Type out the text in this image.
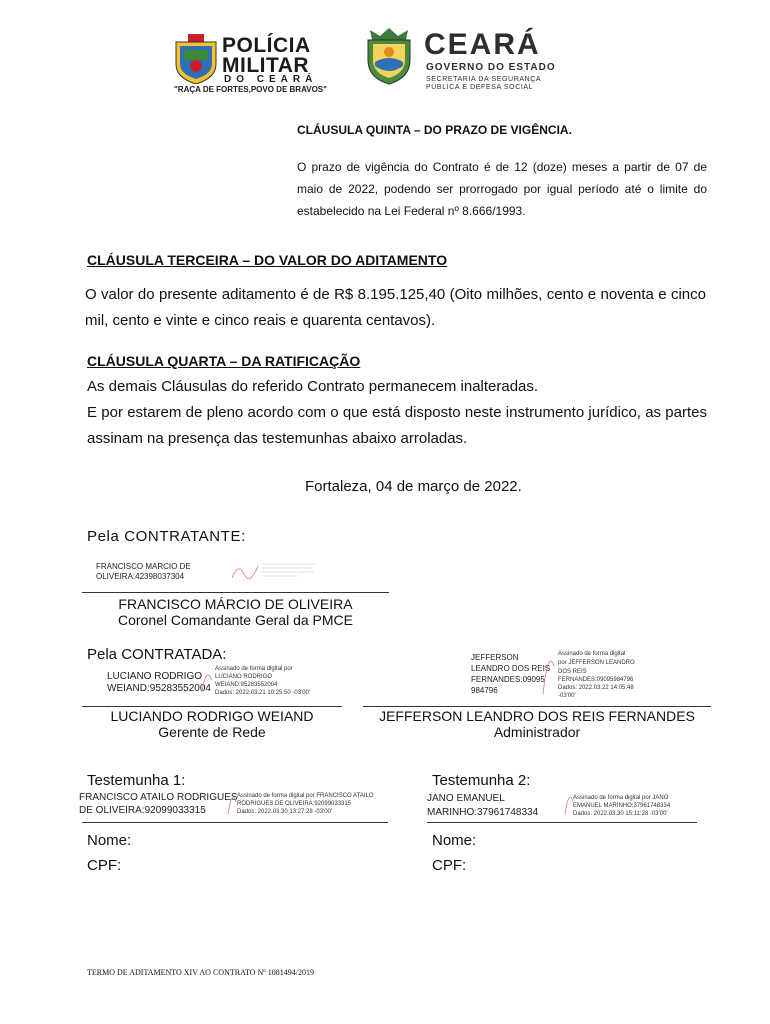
POLÍCIA
MILITAR
DO CEARÁ
"RAÇA DE FORTES,POVO DE BRAVOS"
CEARÁ
GOVERNO DO ESTADO
SECRETARIA DA SEGURANÇA
PÚBLICA E DEFESA SOCIAL
CLÁUSULA QUINTA – DO PRAZO DE VIGÊNCIA.
O prazo de vigência do Contrato é de 12 (doze) meses a partir de 07 de maio de 2022, podendo ser prorrogado por igual período até o limite do estabelecido na Lei Federal nº 8.666/1993.
CLÁUSULA TERCEIRA – DO VALOR DO ADITAMENTO
O valor do presente aditamento é de R$ 8.195.125,40 (Oito milhões, cento e noventa e cinco mil, cento e vinte e cinco reais e quarenta centavos).
CLÁUSULA QUARTA – DA RATIFICAÇÃO
As demais Cláusulas do referido Contrato permanecem inalteradas.
E por estarem de pleno acordo com o que está disposto neste instrumento jurídico, as partes assinam na presença das testemunhas abaixo arroladas.
Fortaleza, 04 de março de 2022.
Pela CONTRATANTE:
FRANCISCO MARCIO DE
OLIVEIRA:42398037304
FRANCISCO MÁRCIO DE OLIVEIRA
Coronel Comandante Geral da PMCE
Pela CONTRATADA:
LUCIANO RODRIGO
WEIAND:95283552004
Assinado de forma digital por
LUCIANO RODRIGO
WEIAND:95283552004
Dados: 2022.03.21 10:25:50 -03'00'
LUCIANDO RODRIGO WEIAND
Gerente de Rede
JEFFERSON
LEANDRO DOS REIS
FERNANDES:09095
984796
Assinado de forma digital
por JEFFERSON LEANDRO
DOS REIS
FERNANDES:09095984796
Dados: 2022.03.22 14:05:48
-03'00'
JEFFERSON LEANDRO DOS REIS FERNANDES
Administrador
Testemunha 1:
FRANCISCO ATAILO RODRIGUES
DE OLIVEIRA:92099033315
Assinado de forma digital por FRANCISCO ATAILO
RODRIGUES DE OLIVEIRA:92099033315
Dados: 2022.03.30 13:27:28 -03'00'
Nome:
CPF:
Testemunha 2:
JANO EMANUEL
MARINHO:37961748334
Assinado de forma digital por JANO
EMANUEL MARINHO:37961748334
Dados: 2022.03.30 15:11:28 -03'00'
Nome:
CPF:
TERMO DE ADITAMENTO XIV AO CONTRATO Nº 1081494/2019
